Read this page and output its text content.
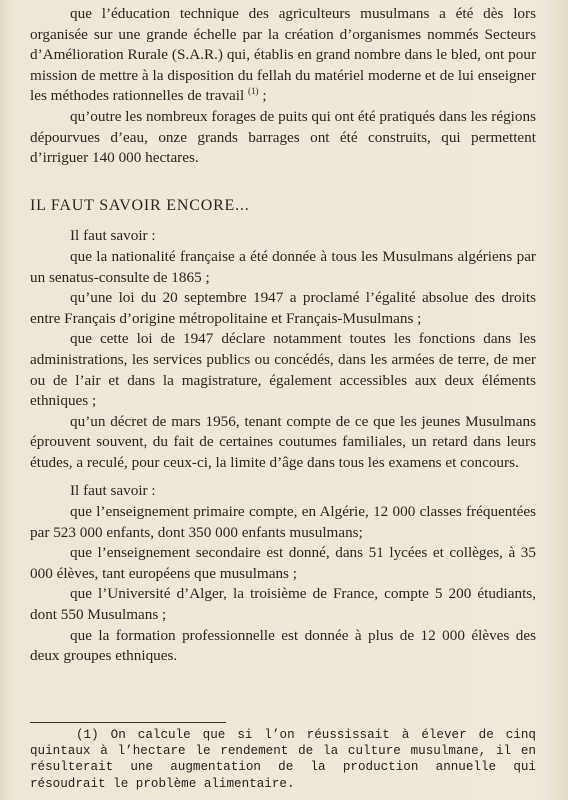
que l’éducation technique des agriculteurs musulmans a été dès lors organisée sur une grande échelle par la création d’organismes nommés Secteurs d’Amélioration Rurale (S.A.R.) qui, établis en grand nombre dans le bled, ont pour mission de mettre à la disposition du fellah du matériel moderne et de lui enseigner les méthodes rationnelles de travail $^{(1)}$ ;

qu’outre les nombreux forages de puits qui ont été pratiqués dans les régions dépourvues d’eau, onze grands barrages ont été construits, qui permettent d’irriguer 140 000 hectares.

IL FAUT SAVOIR ENCORE...

Il faut savoir :

que la nationalité française a été donnée à tous les Musulmans algériens par un senatus-consulte de 1865 ;

qu’une loi du 20 septembre 1947 a proclamé l’égalité absolue des droits entre Français d’origine métropolitaine et Français-Musulmans ;

que cette loi de 1947 déclare notamment toutes les fonctions dans les administrations, les services publics ou concédés, dans les armées de terre, de mer ou de l’air et dans la magistrature, également accessibles aux deux éléments ethniques ;

qu’un décret de mars 1956, tenant compte de ce que les jeunes Musulmans éprouvent souvent, du fait de certaines coutumes familiales, un retard dans leurs études, a reculé, pour ceux-ci, la limite d’âge dans tous les examens et concours.

Il faut savoir :

que l’enseignement primaire compte, en Algérie, 12 000 classes fréquentées par 523 000 enfants, dont 350 000 enfants musulmans;

que l’enseignement secondaire est donné, dans 51 lycées et collèges, à 35 000 élèves, tant européens que musulmans ;

que l’Université d’Alger, la troisième de France, compte 5 200 étudiants, dont 550 Musulmans ;

que la formation professionnelle est donnée à plus de 12 000 élèves des deux groupes ethniques.

(1) On calcule que si l’on réussissait à élever de cinq quintaux à l’hectare le rendement de la culture musulmane, il en résulterait une augmentation de la production annuelle qui résoudrait le problème alimentaire.
